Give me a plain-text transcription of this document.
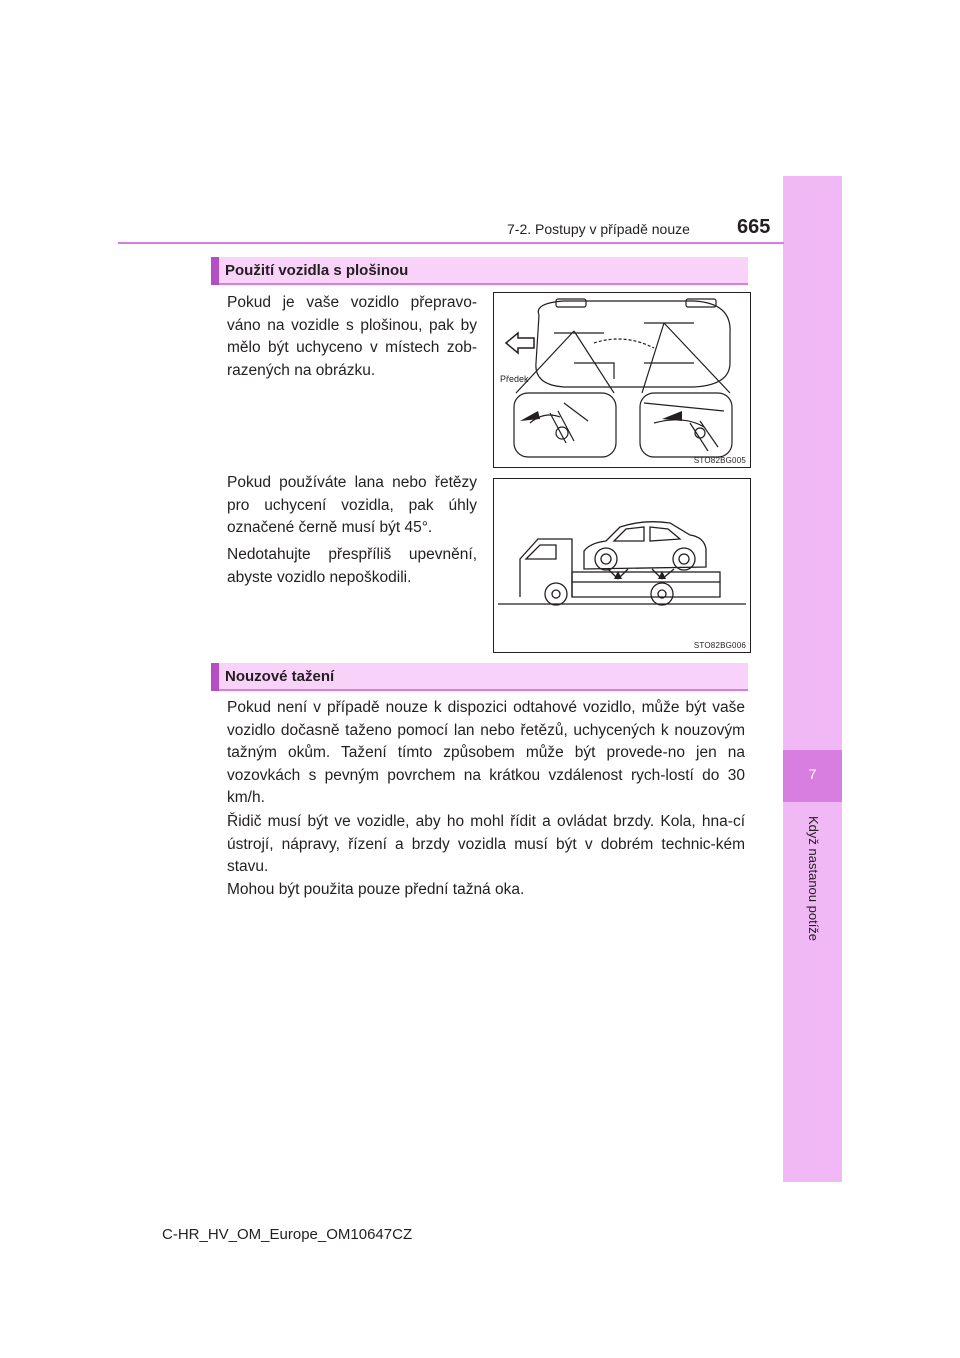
7
Když nastanou potíže
7-2. Postupy v případě nouze 665
Použití vozidla s plošinou
Pokud je vaše vozidlo přepravo-váno na vozidle s plošinou, pak by mělo být uchyceno v místech zob-razených na obrázku.
Pokud používáte lana nebo řetězy pro uchycení vozidla, pak úhly označené černě musí být 45°.
Nedotahujte přespříliš upevnění, abyste vozidlo nepoškodili.
Předek
STO82BG005
STO82BG006
Nouzové tažení
Pokud není v případě nouze k dispozici odtahové vozidlo, může být vaše vozidlo dočasně taženo pomocí lan nebo řetězů, uchycených k nouzovým tažným okům. Tažení tímto způsobem může být provede-no jen na vozovkách s pevným povrchem na krátkou vzdálenost rych-lostí do 30 km/h.
Řidič musí být ve vozidle, aby ho mohl řídit a ovládat brzdy. Kola, hna-cí ústrojí, nápravy, řízení a brzdy vozidla musí být v dobrém technic-kém stavu.
Mohou být použita pouze přední tažná oka.
C-HR_HV_OM_Europe_OM10647CZ
